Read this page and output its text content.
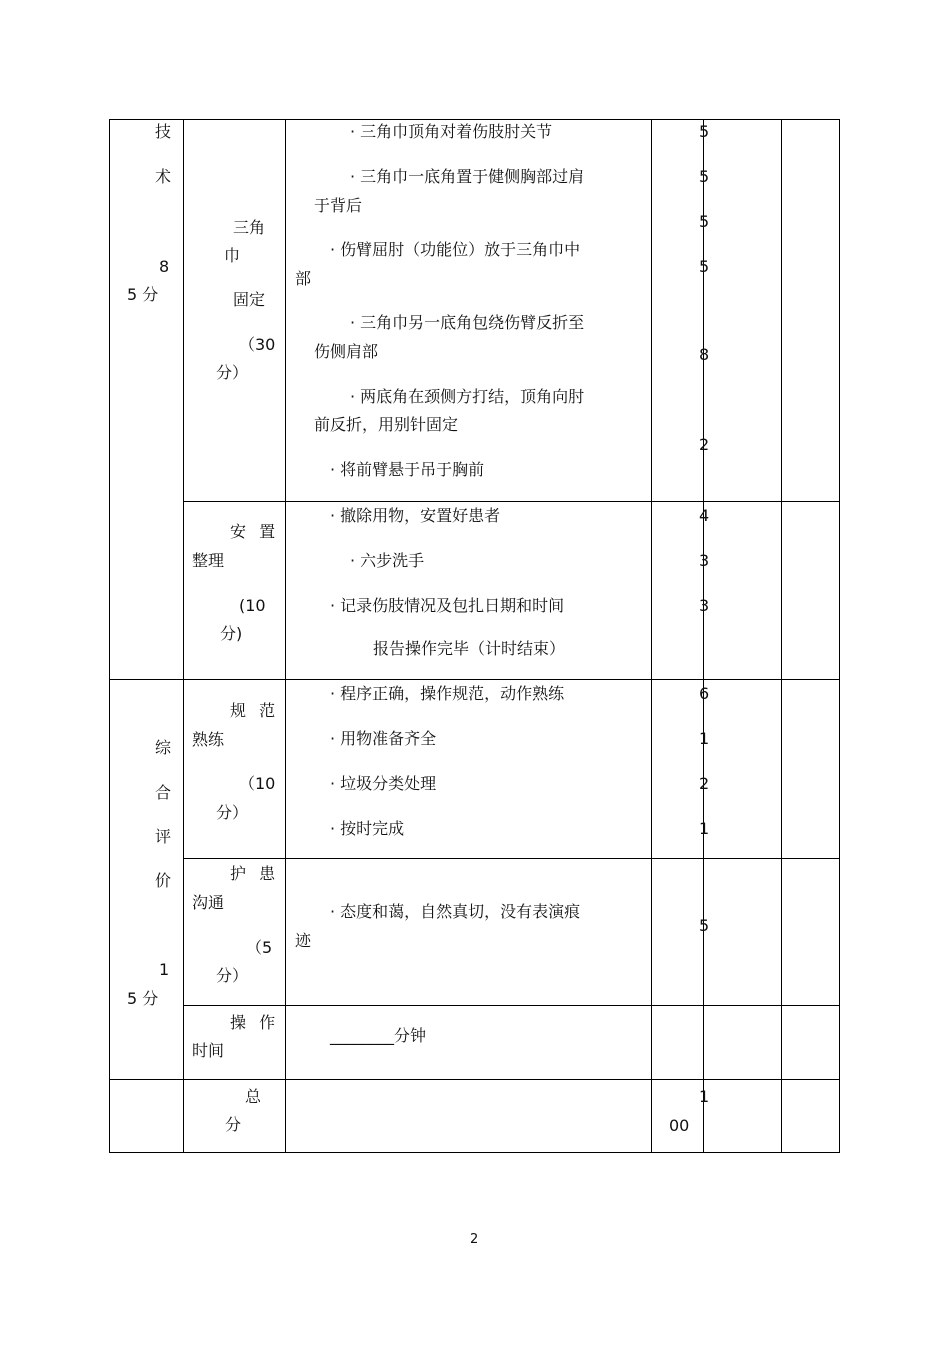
技
术
8
5 分
三角
巾
固定
（30
分）
· 三角巾顶角对着伤肢肘关节
· 三角巾一底角置于健侧胸部过肩
于背后
· 伤臂屈肘（功能位）放于三角巾中
部
· 三角巾另一底角包绕伤臂反折至
伤侧肩部
· 两底角在颈侧方打结，顶角向肘
前反折，用别针固定
· 将前臂悬于吊于胸前
5
5
5
5
8
2
安 置
整理
(10
分)
· 撤除用物，安置好患者
· 六步洗手
· 记录伤肢情况及包扎日期和时间
报告操作完毕（计时结束）
4
3
3
综
合
评
价
1
5 分
规 范
熟练
（10
分）
· 程序正确，操作规范，动作熟练
· 用物准备齐全
· 垃圾分类处理
· 按时完成
6
1
2
1
护 患
沟通
（5
分）
· 态度和蔼，自然真切，没有表演痕
迹
5
操 作
时间
________分钟
总
分
1
00
2
